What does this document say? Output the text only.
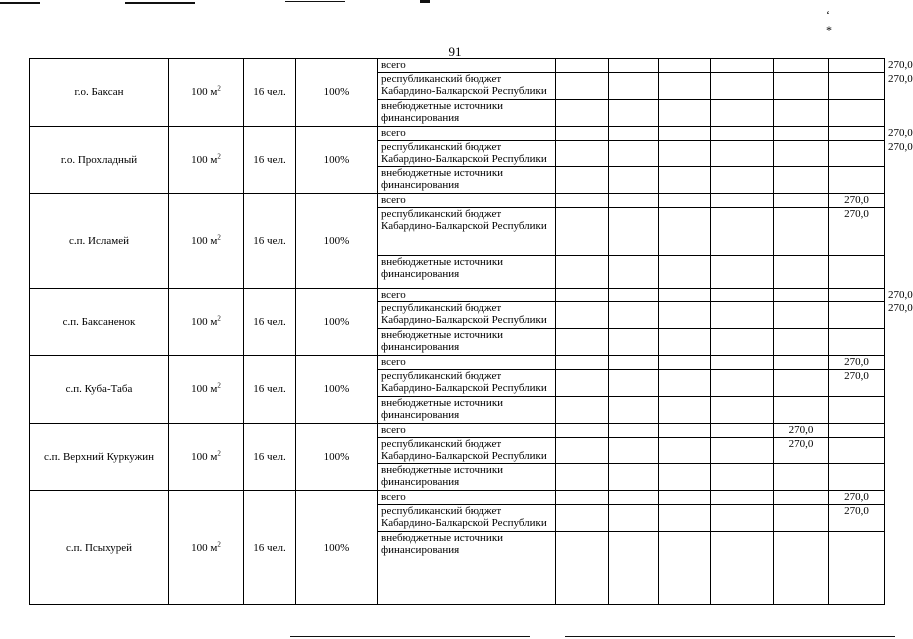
‘ *
91
г.о. Баксан	100 $м^2$	16 чел.	100%	всего							270,0
				республиканский бюджет Кабардино-Балкарской Республики							270,0
				внебюджетные источники финансирования							
г.о. Прохладный	100 $м^2$	16 чел.	100%	всего							270,0
				республиканский бюджет Кабардино-Балкарской Республики							270,0
				внебюджетные источники финансирования							
с.п. Исламей	100 $м^2$	16 чел.	100%	всего						270,0	
				республиканский бюджет Кабардино-Балкарской Республики						270,0	
				внебюджетные источники финансирования							
с.п. Баксаненок	100 $м^2$	16 чел.	100%	всего							270,0
				республиканский бюджет Кабардино-Балкарской Республики							270,0
				внебюджетные источники финансирования							
с.п. Куба-Таба	100 $м^2$	16 чел.	100%	всего						270,0	
				республиканский бюджет Кабардино-Балкарской Республики						270,0	
				внебюджетные источники финансирования							
с.п. Верхний Куркужин	100 $м^2$	16 чел.	100%	всего					270,0		
				республиканский бюджет Кабардино-Балкарской Республики					270,0		
				внебюджетные источники финансирования							
с.п. Псыхурей	100 $м^2$	16 чел.	100%	всего						270,0	
				республиканский бюджет Кабардино-Балкарской Республики						270,0	
				внебюджетные источники финансирования							
